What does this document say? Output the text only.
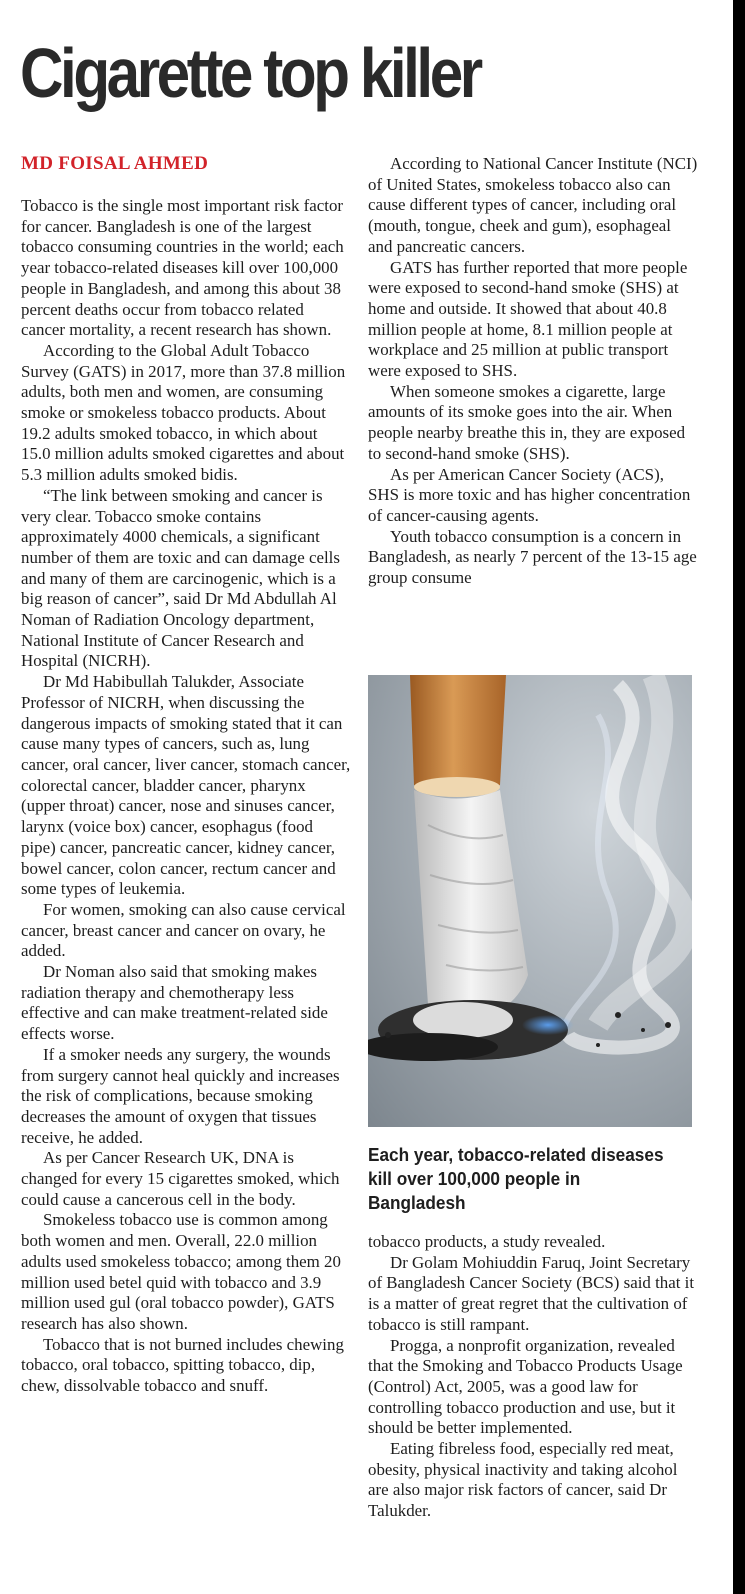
Cigarette top killer
MD FOISAL AHMED

Tobacco is the single most important risk factor for cancer. Bangladesh is one of the largest tobacco consuming countries in the world; each year tobacco-related diseases kill over 100,000 people in Bangladesh, and among this about 38 percent deaths occur from tobacco related cancer mortality, a recent research has shown.

According to the Global Adult Tobacco Survey (GATS) in 2017, more than 37.8 million adults, both men and women, are consuming smoke or smokeless tobacco products. About 19.2 adults smoked tobacco, in which about 15.0 million adults smoked cigarettes and about 5.3 million adults smoked bidis.

“The link between smoking and cancer is very clear. Tobacco smoke contains approximately 4000 chemicals, a significant number of them are toxic and can damage cells and many of them are carcinogenic, which is a big reason of cancer”, said Dr Md Abdullah Al Noman of Radiation Oncology department, National Institute of Cancer Research and Hospital (NICRH).

Dr Md Habibullah Talukder, Associate Professor of NICRH, when discussing the dangerous impacts of smoking stated that it can cause many types of cancers, such as, lung cancer, oral cancer, liver cancer, stomach cancer, colorectal cancer, bladder cancer, pharynx (upper throat) cancer, nose and sinuses cancer, larynx (voice box) cancer, esophagus (food pipe) cancer, pancreatic cancer, kidney cancer, bowel cancer, colon cancer, rectum cancer and some types of leukemia.

For women, smoking can also cause cervical cancer, breast cancer and cancer on ovary, he added.

Dr Noman also said that smoking makes radiation therapy and chemotherapy less effective and can make treatment-related side effects worse.

If a smoker needs any surgery, the wounds from surgery cannot heal quickly and increases the risk of complications, because smoking decreases the amount of oxygen that tissues receive, he added.

As per Cancer Research UK, DNA is changed for every 15 cigarettes smoked, which could cause a cancerous cell in the body.

Smokeless tobacco use is common among both women and men. Overall, 22.0 million adults used smokeless tobacco; among them 20 million used betel quid with tobacco and 3.9 million used gul (oral tobacco powder), GATS research has also shown.

Tobacco that is not burned includes chewing tobacco, oral tobacco, spitting tobacco, dip, chew, dissolvable tobacco and snuff.

According to National Cancer Institute (NCI) of United States, smokeless tobacco also can cause different types of cancer, including oral (mouth, tongue, cheek and gum), esophageal and pancreatic cancers.

GATS has further reported that more people were exposed to second-hand smoke (SHS) at home and outside. It showed that about 40.8 million people at home, 8.1 million people at workplace and 25 million at public transport were exposed to SHS.

When someone smokes a cigarette, large amounts of its smoke goes into the air. When people nearby breathe this in, they are exposed to second-hand smoke (SHS).

As per American Cancer Society (ACS), SHS is more toxic and has higher concentration of cancer-causing agents.

Youth tobacco consumption is a concern in Bangladesh, as nearly 7 percent of the 13-15 age group consume

Each year, tobacco-related diseases kill over 100,000 people in Bangladesh

tobacco products, a study revealed.

Dr Golam Mohiuddin Faruq, Joint Secretary of Bangladesh Cancer Society (BCS) said that it is a matter of great regret that the cultivation of tobacco is still rampant.

Progga, a nonprofit organization, revealed that the Smoking and Tobacco Products Usage (Control) Act, 2005, was a good law for controlling tobacco production and use, but it should be better implemented.

Eating fibreless food, especially red meat, obesity, physical inactivity and taking alcohol are also major risk factors of cancer, said Dr Talukder.
